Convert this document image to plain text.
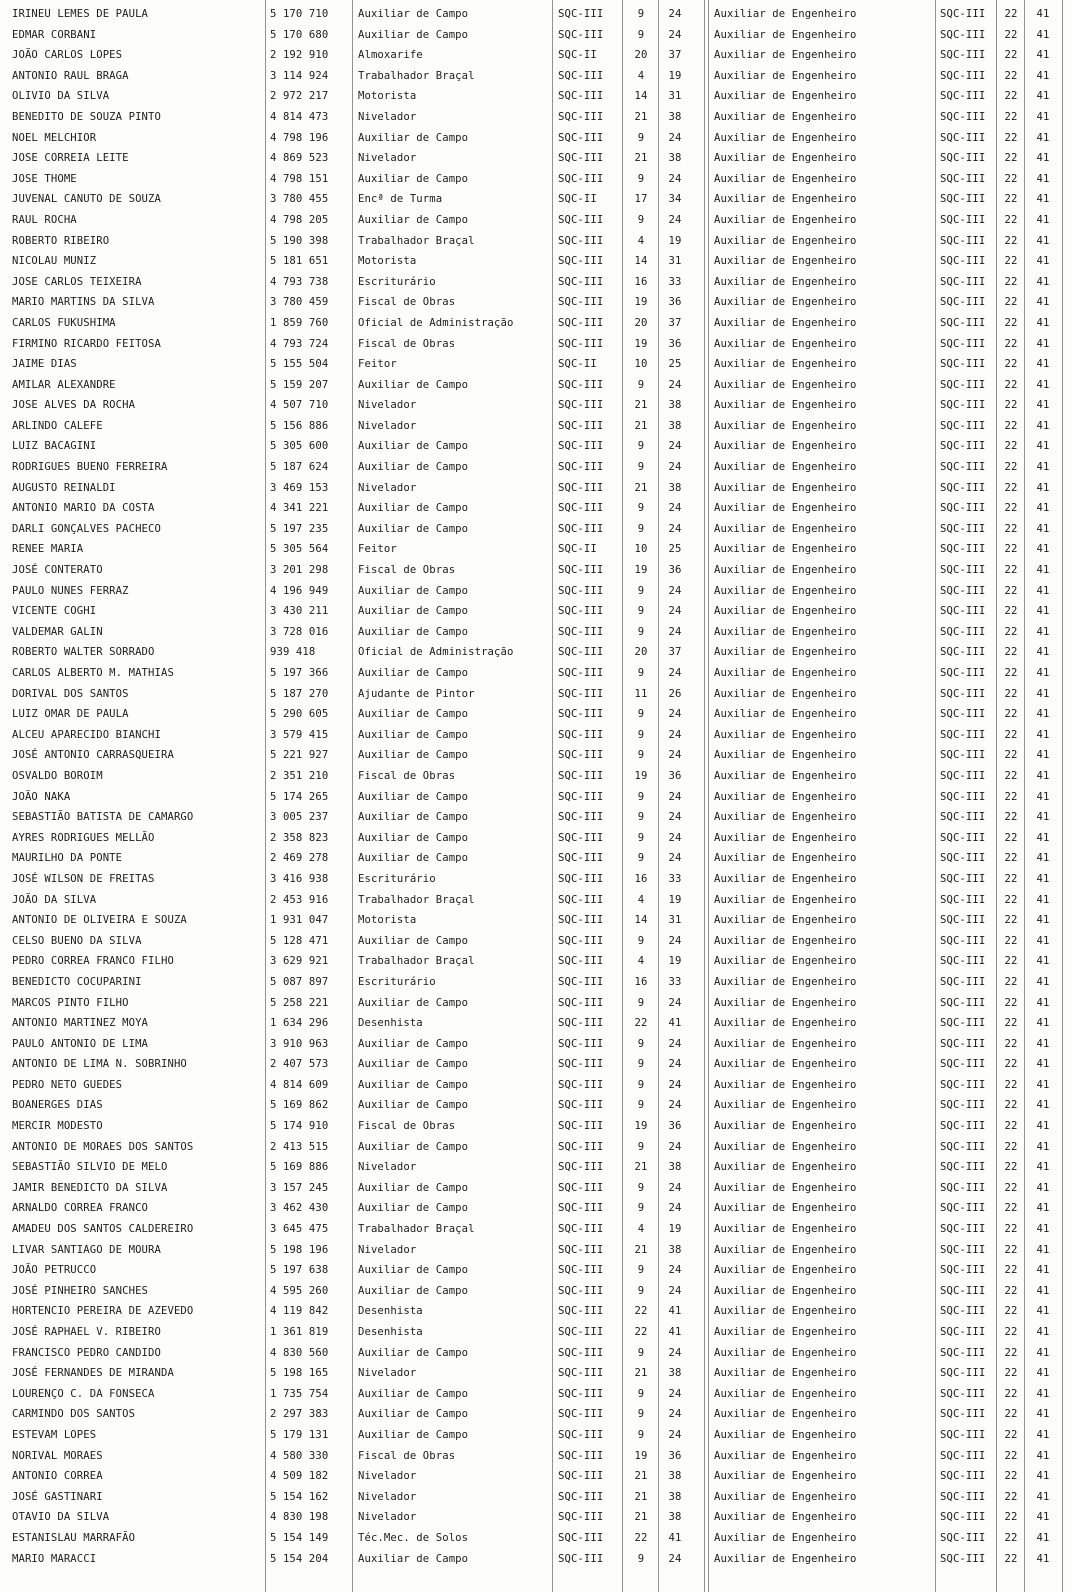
IRINEU LEMES DE PAULA	5 170 710	Auxiliar de Campo	SQC-III	9	24	Auxiliar de Engenheiro	SQC-III	22	41
EDMAR CORBANI	5 170 680	Auxiliar de Campo	SQC-III	9	24	Auxiliar de Engenheiro	SQC-III	22	41
JOÃO CARLOS LOPES	2 192 910	Almoxarife	SQC-II	20	37	Auxiliar de Engenheiro	SQC-III	22	41
ANTONIO RAUL BRAGA	3 114 924	Trabalhador Braçal	SQC-III	4	19	Auxiliar de Engenheiro	SQC-III	22	41
OLIVIO DA SILVA	2 972 217	Motorista	SQC-III	14	31	Auxiliar de Engenheiro	SQC-III	22	41
BENEDITO DE SOUZA PINTO	4 814 473	Nivelador	SQC-III	21	38	Auxiliar de Engenheiro	SQC-III	22	41
NOEL MELCHIOR	4 798 196	Auxiliar de Campo	SQC-III	9	24	Auxiliar de Engenheiro	SQC-III	22	41
JOSE CORREIA LEITE	4 869 523	Nivelador	SQC-III	21	38	Auxiliar de Engenheiro	SQC-III	22	41
JOSE THOME	4 798 151	Auxiliar de Campo	SQC-III	9	24	Auxiliar de Engenheiro	SQC-III	22	41
JUVENAL CANUTO DE SOUZA	3 780 455	Encª de Turma	SQC-II	17	34	Auxiliar de Engenheiro	SQC-III	22	41
RAUL ROCHA	4 798 205	Auxiliar de Campo	SQC-III	9	24	Auxiliar de Engenheiro	SQC-III	22	41
ROBERTO RIBEIRO	5 190 398	Trabalhador Braçal	SQC-III	4	19	Auxiliar de Engenheiro	SQC-III	22	41
NICOLAU MUNIZ	5 181 651	Motorista	SQC-III	14	31	Auxiliar de Engenheiro	SQC-III	22	41
JOSE CARLOS TEIXEIRA	4 793 738	Escriturário	SQC-III	16	33	Auxiliar de Engenheiro	SQC-III	22	41
MARIO MARTINS DA SILVA	3 780 459	Fiscal de Obras	SQC-III	19	36	Auxiliar de Engenheiro	SQC-III	22	41
CARLOS FUKUSHIMA	1 859 760	Oficial de Administração	SQC-III	20	37	Auxiliar de Engenheiro	SQC-III	22	41
FIRMINO RICARDO FEITOSA	4 793 724	Fiscal de Obras	SQC-III	19	36	Auxiliar de Engenheiro	SQC-III	22	41
JAIME DIAS	5 155 504	Feitor	SQC-II	10	25	Auxiliar de Engenheiro	SQC-III	22	41
AMILAR ALEXANDRE	5 159 207	Auxiliar de Campo	SQC-III	9	24	Auxiliar de Engenheiro	SQC-III	22	41
JOSE ALVES DA ROCHA	4 507 710	Nivelador	SQC-III	21	38	Auxiliar de Engenheiro	SQC-III	22	41
ARLINDO CALEFE	5 156 886	Nivelador	SQC-III	21	38	Auxiliar de Engenheiro	SQC-III	22	41
LUIZ BACAGINI	5 305 600	Auxiliar de Campo	SQC-III	9	24	Auxiliar de Engenheiro	SQC-III	22	41
RODRIGUES BUENO FERREIRA	5 187 624	Auxiliar de Campo	SQC-III	9	24	Auxiliar de Engenheiro	SQC-III	22	41
AUGUSTO REINALDI	3 469 153	Nivelador	SQC-III	21	38	Auxiliar de Engenheiro	SQC-III	22	41
ANTONIO MARIO DA COSTA	4 341 221	Auxiliar de Campo	SQC-III	9	24	Auxiliar de Engenheiro	SQC-III	22	41
DARLI GONÇALVES PACHECO	5 197 235	Auxiliar de Campo	SQC-III	9	24	Auxiliar de Engenheiro	SQC-III	22	41
RENEE MARIA	5 305 564	Feitor	SQC-II	10	25	Auxiliar de Engenheiro	SQC-III	22	41
JOSÉ CONTERATO	3 201 298	Fiscal de Obras	SQC-III	19	36	Auxiliar de Engenheiro	SQC-III	22	41
PAULO NUNES FERRAZ	4 196 949	Auxiliar de Campo	SQC-III	9	24	Auxiliar de Engenheiro	SQC-III	22	41
VICENTE COGHI	3 430 211	Auxiliar de Campo	SQC-III	9	24	Auxiliar de Engenheiro	SQC-III	22	41
VALDEMAR GALIN	3 728 016	Auxiliar de Campo	SQC-III	9	24	Auxiliar de Engenheiro	SQC-III	22	41
ROBERTO WALTER SORRADO	939 418	Oficial de Administração	SQC-III	20	37	Auxiliar de Engenheiro	SQC-III	22	41
CARLOS ALBERTO M. MATHIAS	5 197 366	Auxiliar de Campo	SQC-III	9	24	Auxiliar de Engenheiro	SQC-III	22	41
DORIVAL DOS SANTOS	5 187 270	Ajudante de Pintor	SQC-III	11	26	Auxiliar de Engenheiro	SQC-III	22	41
LUIZ OMAR DE PAULA	5 290 605	Auxiliar de Campo	SQC-III	9	24	Auxiliar de Engenheiro	SQC-III	22	41
ALCEU APARECIDO BIANCHI	3 579 415	Auxiliar de Campo	SQC-III	9	24	Auxiliar de Engenheiro	SQC-III	22	41
JOSÉ ANTONIO CARRASQUEIRA	5 221 927	Auxiliar de Campo	SQC-III	9	24	Auxiliar de Engenheiro	SQC-III	22	41
OSVALDO BOROIM	2 351 210	Fiscal de Obras	SQC-III	19	36	Auxiliar de Engenheiro	SQC-III	22	41
JOÃO NAKA	5 174 265	Auxiliar de Campo	SQC-III	9	24	Auxiliar de Engenheiro	SQC-III	22	41
SEBASTIÃO BATISTA DE CAMARGO	3 005 237	Auxiliar de Campo	SQC-III	9	24	Auxiliar de Engenheiro	SQC-III	22	41
AYRES RODRIGUES MELLÃO	2 358 823	Auxiliar de Campo	SQC-III	9	24	Auxiliar de Engenheiro	SQC-III	22	41
MAURILHO DA PONTE	2 469 278	Auxiliar de Campo	SQC-III	9	24	Auxiliar de Engenheiro	SQC-III	22	41
JOSÉ WILSON DE FREITAS	3 416 938	Escriturário	SQC-III	16	33	Auxiliar de Engenheiro	SQC-III	22	41
JOÃO DA SILVA	2 453 916	Trabalhador Braçal	SQC-III	4	19	Auxiliar de Engenheiro	SQC-III	22	41
ANTONIO DE OLIVEIRA E SOUZA	1 931 047	Motorista	SQC-III	14	31	Auxiliar de Engenheiro	SQC-III	22	41
CELSO BUENO DA SILVA	5 128 471	Auxiliar de Campo	SQC-III	9	24	Auxiliar de Engenheiro	SQC-III	22	41
PEDRO CORREA FRANCO FILHO	3 629 921	Trabalhador Braçal	SQC-III	4	19	Auxiliar de Engenheiro	SQC-III	22	41
BENEDICTO COCUPARINI	5 087 897	Escriturário	SQC-III	16	33	Auxiliar de Engenheiro	SQC-III	22	41
MARCOS PINTO FILHO	5 258 221	Auxiliar de Campo	SQC-III	9	24	Auxiliar de Engenheiro	SQC-III	22	41
ANTONIO MARTINEZ MOYA	1 634 296	Desenhista	SQC-III	22	41	Auxiliar de Engenheiro	SQC-III	22	41
PAULO ANTONIO DE LIMA	3 910 963	Auxiliar de Campo	SQC-III	9	24	Auxiliar de Engenheiro	SQC-III	22	41
ANTONIO DE LIMA N. SOBRINHO	2 407 573	Auxiliar de Campo	SQC-III	9	24	Auxiliar de Engenheiro	SQC-III	22	41
PEDRO NETO GUEDES	4 814 609	Auxiliar de Campo	SQC-III	9	24	Auxiliar de Engenheiro	SQC-III	22	41
BOANERGES DIAS	5 169 862	Auxiliar de Campo	SQC-III	9	24	Auxiliar de Engenheiro	SQC-III	22	41
MERCIR MODESTO	5 174 910	Fiscal de Obras	SQC-III	19	36	Auxiliar de Engenheiro	SQC-III	22	41
ANTONIO DE MORAES DOS SANTOS	2 413 515	Auxiliar de Campo	SQC-III	9	24	Auxiliar de Engenheiro	SQC-III	22	41
SEBASTIÃO SILVIO DE MELO	5 169 886	Nivelador	SQC-III	21	38	Auxiliar de Engenheiro	SQC-III	22	41
JAMIR BENEDICTO DA SILVA	3 157 245	Auxiliar de Campo	SQC-III	9	24	Auxiliar de Engenheiro	SQC-III	22	41
ARNALDO CORREA FRANCO	3 462 430	Auxiliar de Campo	SQC-III	9	24	Auxiliar de Engenheiro	SQC-III	22	41
AMADEU DOS SANTOS CALDEREIRO	3 645 475	Trabalhador Braçal	SQC-III	4	19	Auxiliar de Engenheiro	SQC-III	22	41
LIVAR SANTIAGO DE MOURA	5 198 196	Nivelador	SQC-III	21	38	Auxiliar de Engenheiro	SQC-III	22	41
JOÃO PETRUCCO	5 197 638	Auxiliar de Campo	SQC-III	9	24	Auxiliar de Engenheiro	SQC-III	22	41
JOSÉ PINHEIRO SANCHES	4 595 260	Auxiliar de Campo	SQC-III	9	24	Auxiliar de Engenheiro	SQC-III	22	41
HORTENCIO PEREIRA DE AZEVEDO	4 119 842	Desenhista	SQC-III	22	41	Auxiliar de Engenheiro	SQC-III	22	41
JOSÉ RAPHAEL V. RIBEIRO	1 361 819	Desenhista	SQC-III	22	41	Auxiliar de Engenheiro	SQC-III	22	41
FRANCISCO PEDRO CANDIDO	4 830 560	Auxiliar de Campo	SQC-III	9	24	Auxiliar de Engenheiro	SQC-III	22	41
JOSÉ FERNANDES DE MIRANDA	5 198 165	Nivelador	SQC-III	21	38	Auxiliar de Engenheiro	SQC-III	22	41
LOURENÇO C. DA FONSECA	1 735 754	Auxiliar de Campo	SQC-III	9	24	Auxiliar de Engenheiro	SQC-III	22	41
CARMINDO DOS SANTOS	2 297 383	Auxiliar de Campo	SQC-III	9	24	Auxiliar de Engenheiro	SQC-III	22	41
ESTEVAM LOPES	5 179 131	Auxiliar de Campo	SQC-III	9	24	Auxiliar de Engenheiro	SQC-III	22	41
NORIVAL MORAES	4 580 330	Fiscal de Obras	SQC-III	19	36	Auxiliar de Engenheiro	SQC-III	22	41
ANTONIO CORREA	4 509 182	Nivelador	SQC-III	21	38	Auxiliar de Engenheiro	SQC-III	22	41
JOSÉ GASTINARI	5 154 162	Nivelador	SQC-III	21	38	Auxiliar de Engenheiro	SQC-III	22	41
OTAVIO DA SILVA	4 830 198	Nivelador	SQC-III	21	38	Auxiliar de Engenheiro	SQC-III	22	41
ESTANISLAU MARRAFÃO	5 154 149	Téc.Mec. de Solos	SQC-III	22	41	Auxiliar de Engenheiro	SQC-III	22	41
MARIO MARACCI	5 154 204	Auxiliar de Campo	SQC-III	9	24	Auxiliar de Engenheiro	SQC-III	22	41
